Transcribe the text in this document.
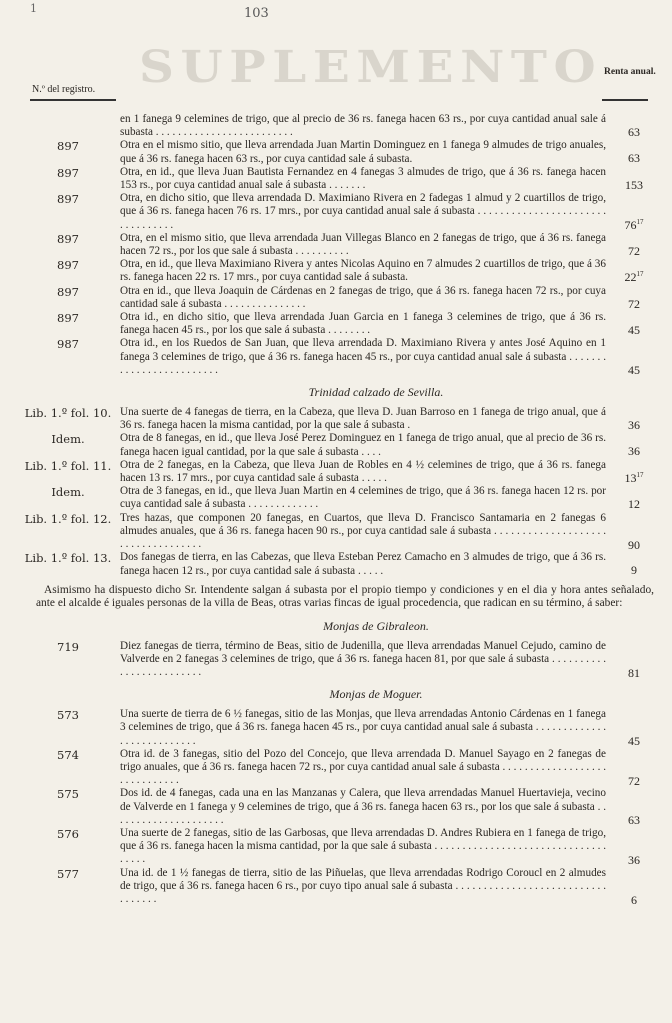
1	103
SUPLEMENTO
N.º del registro.
Renta anual.
en 1 fanega 9 celemines de trigo, que al precio de 36 rs. fanega hacen 63 rs., por cuya cantidad anual sale á subasta . . . . . . . . . . . . . . . . . . . . . . . . .	63
897	Otra en el mismo sitio, que lleva arrendada Juan Martin Dominguez en 1 fanega 9 almudes de trigo anuales, que á 36 rs. fanega hacen 63 rs., por cuya cantidad sale á subasta.	63
897	Otra, en id., que lleva Juan Bautista Fernandez en 4 fanegas 3 almudes de trigo, que á 36 rs. fanega hacen 153 rs., por cuya cantidad anual sale á subasta . . . . . . .	153
897	Otra, en dicho sitio, que lleva arrendada D. Maximiano Rivera en 2 fadegas 1 almud y 2 cuartillos de trigo, que á 36 rs. fanega hacen 76 rs. 17 mrs., por cuya cantidad anual sale á subasta . . . . . . . . . . . . . . . . . . . . . . . . . . . . . . . . .	$76^{17}$
897	Otra, en el mismo sitio, que lleva arrendada Juan Villegas Blanco en 2 fanegas de trigo, que á 36 rs. fanega hacen 72 rs., por los que sale á subasta . . . . . . . . . .	72
897	Otra, en id., que lleva Maximiano Rivera y antes Nicolas Aquino en 7 almudes 2 cuartillos de trigo, que á 36 rs. fanega hacen 22 rs. 17 mrs., por cuya cantidad sale á subasta.	$22^{17}$
897	Otra en id., que lleva Joaquin de Cárdenas en 2 fanegas de trigo, que á 36 rs. fanega hacen 72 rs., por cuya cantidad sale á subasta . . . . . . . . . . . . . . .	72
897	Otra id., en dicho sitio, que lleva arrendada Juan Garcia en 1 fanega 3 celemines de trigo, que á 36 rs. fanega hacen 45 rs., por los que sale á subasta . . . . . . . .	45
987	Otra id., en los Ruedos de San Juan, que lleva arrendada D. Maximiano Rivera y antes José Aquino en 1 fanega 3 celemines de trigo, que á 36 rs. fanega hacen 45 rs., por cuya cantidad anual sale á subasta . . . . . . . . . . . . . . . . . . . . . . . . .	45
Trinidad calzado de Sevilla.
Lib. 1.º fol. 10. Una suerte de 4 fanegas de tierra, en la Cabeza, que lleva D. Juan Barroso en 1 fanega de trigo anual, que á 36 rs. fanega hacen la misma cantidad, por la que sale á subasta .	36
Idem.	Otra de 8 fanegas, en id., que lleva José Perez Dominguez en 1 fanega de trigo anual, que al precio de 36 rs. fanega hacen igual cantidad, por la que sale á subasta . . . .	36
Lib. 1.º fol. 11. Otra de 2 fanegas, en la Cabeza, que lleva Juan de Robles en 4 ½ celemines de trigo, que á 36 rs. fanega hacen 13 rs. 17 mrs., por cuya cantidad sale á subasta . . . . .	$13^{17}$
Idem.	Otra de 3 fanegas, en id., que lleva Juan Martin en 4 celemines de trigo, que á 36 rs. fanega hacen 12 rs. por cuya cantidad sale á subasta . . . . . . . . . . . . .	12
Lib. 1.º fol. 12. Tres hazas, que componen 20 fanegas, en Cuartos, que lleva D. Francisco Santamaria en 2 fanegas 6 almudes anuales, que á 36 rs. fanega hacen 90 rs., por cuya cantidad sale á subasta . . . . . . . . . . . . . . . . . . . . . . . . . . . . . . . . . . .	90
Lib. 1.º fol. 13. Dos fanegas de tierra, en las Cabezas, que lleva Esteban Perez Camacho en 3 almudes de trigo, que á 36 rs. fanega hacen 12 rs., por cuya cantidad sale á subasta . . . . .	9
Asimismo ha dispuesto dicho Sr. Intendente salgan á subasta por el propio tiempo y condiciones y en el dia y hora antes señalado, ante el alcalde é iguales personas de la villa de Beas, otras varias fincas de igual procedencia, que radican en su término, á saber:
Monjas de Gibraleon.
719	Diez fanegas de tierra, término de Beas, sitio de Judenilla, que lleva arrendadas Manuel Cejudo, camino de Valverde en 2 fanegas 3 celemines de trigo, que á 36 rs. fanega hacen 81, por que sale á subasta . . . . . . . . . . . . . . . . . . . . . . . . .	81
Monjas de Moguer.
573	Una suerte de tierra de 6 ½ fanegas, sitio de las Monjas, que lleva arrendadas Antonio Cárdenas en 1 fanega 3 celemines de trigo, que á 36 rs. fanega hacen 45 rs., por cuya cantidad anual sale á subasta . . . . . . . . . . . . . . . . . . . . . . . . . . .	45
574	Otra id. de 3 fanegas, sitio del Pozo del Concejo, que lleva arrendada D. Manuel Sayago en 2 fanegas de trigo anuales, que á 36 rs. fanega hacen 72 rs., por cuya cantidad anual sale á subasta . . . . . . . . . . . . . . . . . . . . . . . . . . . . . .	72
575	Dos id. de 4 fanegas, cada una en las Manzanas y Calera, que lleva arrendadas Manuel Huertavieja, vecino de Valverde en 1 fanega y 9 celemines de trigo, que á 36 rs. fanega hacen 63 rs., por los que sale á subasta . . . . . . . . . . . . . . . . . . . . .	63
576	Una suerte de 2 fanegas, sitio de las Garbosas, que lleva arrendadas D. Andres Rubiera en 1 fanega de trigo, que á 36 rs. fanega hacen la misma cantidad, por la que sale á subasta . . . . . . . . . . . . . . . . . . . . . . . . . . . . . . . . . . . .	36
577	Una id. de 1 ½ fanegas de tierra, sitio de las Piñuelas, que lleva arrendadas Rodrigo Coroucl en 2 almudes de trigo, que á 36 rs. fanega hacen 6 rs., por cuyo tipo anual sale á subasta . . . . . . . . . . . . . . . . . . . . . . . . . . . . . . . . . .	6
